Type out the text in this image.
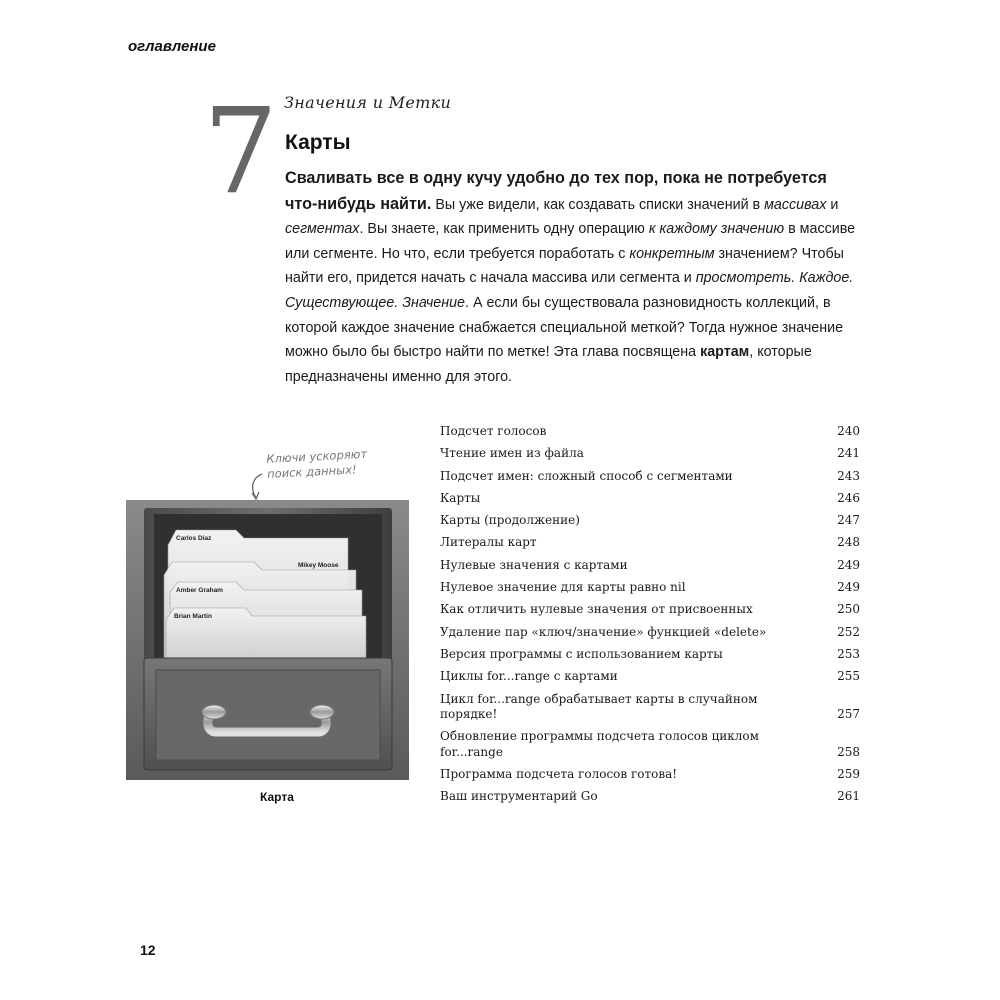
оглавление
7 Значения и Метки
Карты
Сваливать все в одну кучу удобно до тех пор, пока не потребуется что-нибудь найти. Вы уже видели, как создавать списки значений в массивах и сегментах. Вы знаете, как применить одну операцию к каждому значению в массиве или сегменте. Но что, если требуется поработать с конкретным значением? Чтобы найти его, придется начать с начала массива или сегмента и просмотреть. Каждое. Существующее. Значение. А если бы существовала разновидность коллекций, в которой каждое значение снабжается специальной меткой? Тогда нужное значение можно было бы быстро найти по метке! Эта глава посвящена картам, которые предназначены именно для этого.
Ключи ускоряют поиск данных!
Carlos Diaz
Mikey Moose
Amber Graham
Brian Martin
Карта
Подсчет голосов	240
Чтение имен из файла	241
Подсчет имен: сложный способ с сегментами	243
Карты	246
Карты (продолжение)	247
Литералы карт	248
Нулевые значения с картами	249
Нулевое значение для карты равно nil	249
Как отличить нулевые значения от присвоенных	250
Удаление пар «ключ/значение» функцией «delete»	252
Версия программы с использованием карты	253
Циклы for...range с картами	255
Цикл for...range обрабатывает карты в случайном порядке!	257
Обновление программы подсчета голосов циклом for...range	258
Программа подсчета голосов готова!	259
Ваш инструментарий Go	261
12
